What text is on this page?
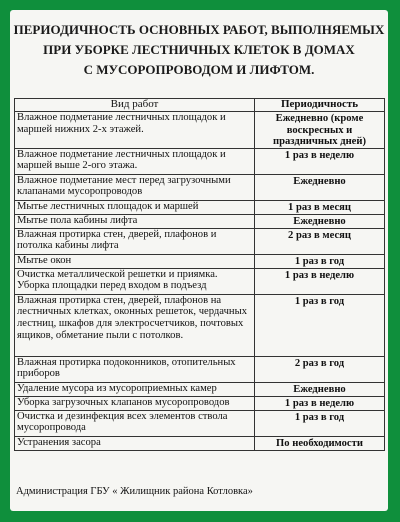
ПЕРИОДИЧНОСТЬ ОСНОВНЫХ РАБОТ, ВЫПОЛНЯЕМЫХ
ПРИ УБОРКЕ ЛЕСТНИЧНЫХ КЛЕТОК В ДОМАХ
С МУСОРОПРОВОДОМ И ЛИФТОМ.
Вид работ	Периодичность
Влажное подметание лестничных площадок и маршей нижних 2-х этажей.	Ежедневно (кроме воскресных и праздничных дней)
Влажное подметание лестничных площадок и маршей выше 2-ого этажа.	1 раз в неделю
Влажное подметание мест перед загрузочными клапанами мусоропроводов	Ежедневно
Мытье лестничных площадок и маршей	1 раз в месяц
Мытье пола кабины лифта	Ежедневно
Влажная протирка стен, дверей, плафонов и потолка кабины лифта	2 раз в месяц
Мытье окон	1 раз в год
Очистка металлической решетки и приямка. Уборка площадки перед входом в подъезд	1 раз в неделю
Влажная протирка стен, дверей, плафонов на лестничных клетках, оконных решеток, чердачных лестниц, шкафов для электросчетчиков, почтовых ящиков, обметание пыли с потолков.	1 раз в год
Влажная протирка подоконников, отопительных приборов	2 раз в год
Удаление мусора из мусороприемных камер	Ежедневно
Уборка загрузочных клапанов мусоропроводов	1 раз в неделю
Очистка и дезинфекция всех элементов ствола мусоропровода	1 раз в год
Устранения засора	По необходимости
Администрация ГБУ « Жилищник района Котловка»
